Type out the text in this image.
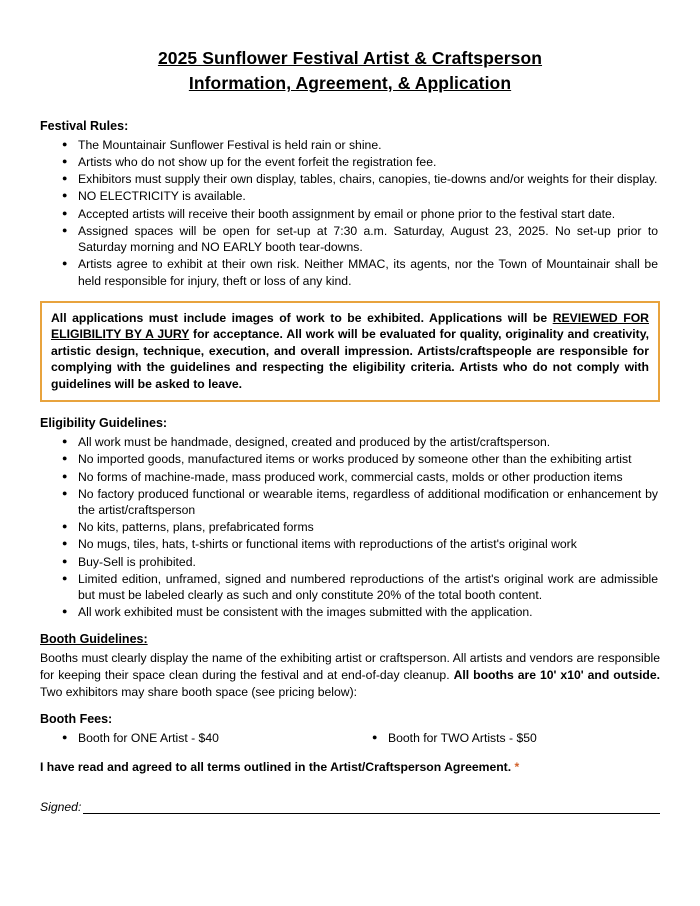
2025 Sunflower Festival Artist & Craftsperson
Information, Agreement, & Application
Festival Rules:
● The Mountainair Sunflower Festival is held rain or shine.
● Artists who do not show up for the event forfeit the registration fee.
● Exhibitors must supply their own display, tables, chairs, canopies, tie-downs and/or weights for their display.
● NO ELECTRICITY is available.
● Accepted artists will receive their booth assignment by email or phone prior to the festival start date.
● Assigned spaces will be open for set-up at 7:30 a.m. Saturday, August 23, 2025. No set-up prior to Saturday morning and NO EARLY booth tear-downs.
● Artists agree to exhibit at their own risk. Neither MMAC, its agents, nor the Town of Mountainair shall be held responsible for injury, theft or loss of any kind.
All applications must include images of work to be exhibited. Applications will be REVIEWED FOR ELIGIBILITY BY A JURY for acceptance. All work will be evaluated for quality, originality and creativity, artistic design, technique, execution, and overall impression. Artists/craftspeople are responsible for complying with the guidelines and respecting the eligibility criteria. Artists who do not comply with guidelines will be asked to leave.
Eligibility Guidelines:
● All work must be handmade, designed, created and produced by the artist/craftsperson.
● No imported goods, manufactured items or works produced by someone other than the exhibiting artist
● No forms of machine-made, mass produced work, commercial casts, molds or other production items
● No factory produced functional or wearable items, regardless of additional modification or enhancement by the artist/craftsperson
● No kits, patterns, plans, prefabricated forms
● No mugs, tiles, hats, t-shirts or functional items with reproductions of the artist's original work
● Buy-Sell is prohibited.
● Limited edition, unframed, signed and numbered reproductions of the artist's original work are admissible but must be labeled clearly as such and only constitute 20% of the total booth content.
● All work exhibited must be consistent with the images submitted with the application.
Booth Guidelines:

Booths must clearly display the name of the exhibiting artist or craftsperson. All artists and vendors are responsible for keeping their space clean during the festival and at end-of-day cleanup. All booths are 10' x10' and outside. Two exhibitors may share booth space (see pricing below):

Booth Fees:
● Booth for ONE Artist - $40	● Booth for TWO Artists - $50
I have read and agreed to all terms outlined in the Artist/Craftsperson Agreement. *
Signed:
